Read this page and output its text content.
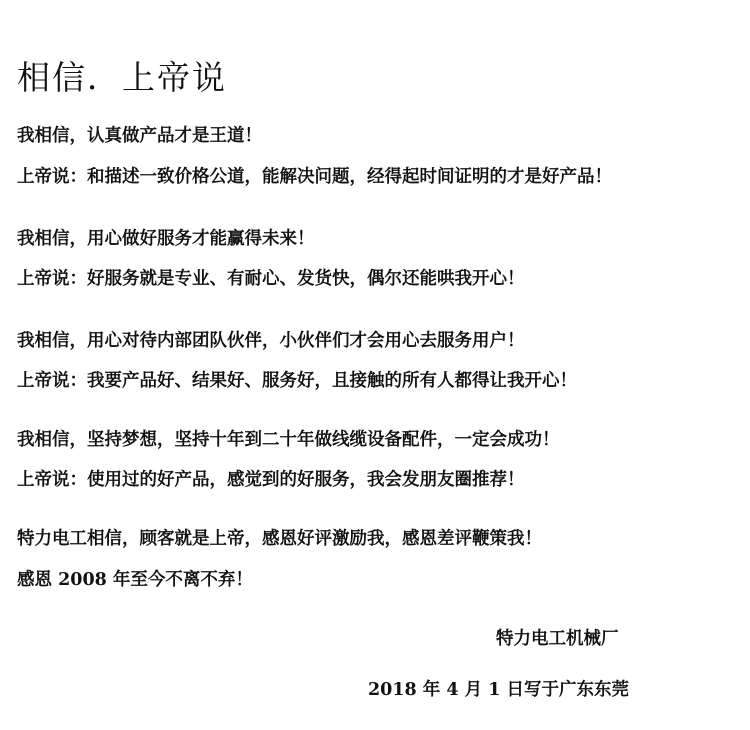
相信．上帝说
我相信，认真做产品才是王道！
上帝说：和描述一致价格公道，能解决问题，经得起时间证明的才是好产品！
我相信，用心做好服务才能赢得未来！
上帝说：好服务就是专业、有耐心、发货快，偶尔还能哄我开心！
我相信，用心对待内部团队伙伴，小伙伴们才会用心去服务用户！
上帝说：我要产品好、结果好、服务好，且接触的所有人都得让我开心！
我相信，坚持梦想，坚持十年到二十年做线缆设备配件，一定会成功！
上帝说：使用过的好产品，感觉到的好服务，我会发朋友圈推荐！
特力电工相信，顾客就是上帝，感恩好评激励我，感恩差评鞭策我！
感恩 2008 年至今不离不弃！
特力电工机械厂
2018 年 4 月 1 日写于广东东莞
